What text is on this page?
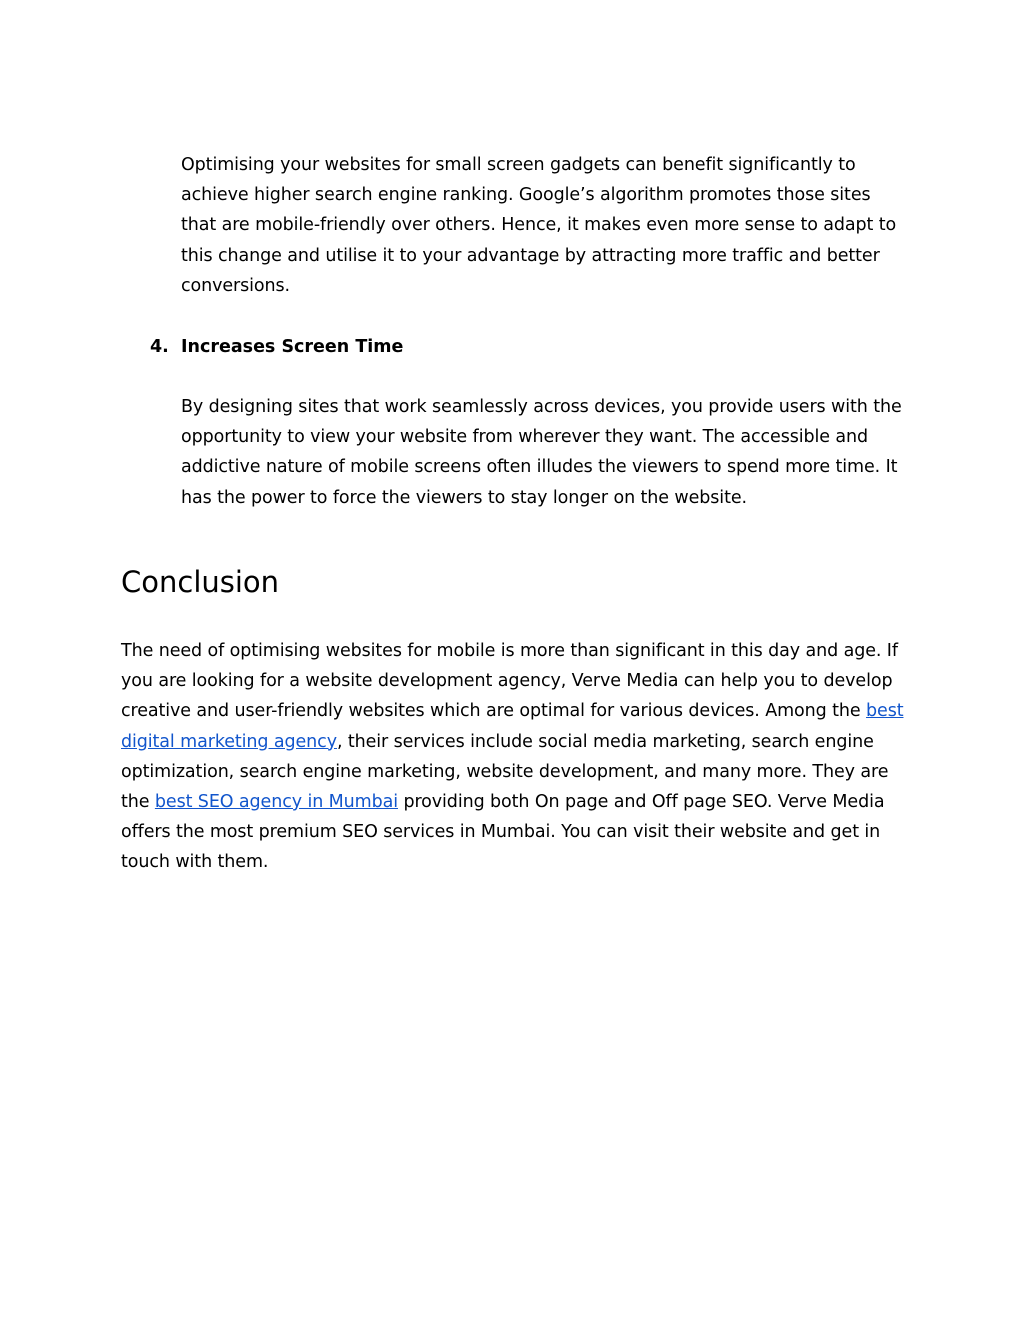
Optimising your websites for small screen gadgets can benefit significantly to achieve higher search engine ranking. Google’s algorithm promotes those sites that are mobile-friendly over others. Hence, it makes even more sense to adapt to this change and utilise it to your advantage by attracting more traffic and better conversions.

4. Increases Screen Time

By designing sites that work seamlessly across devices, you provide users with the opportunity to view your website from wherever they want. The accessible and addictive nature of mobile screens often illudes the viewers to spend more time. It has the power to force the viewers to stay longer on the website.

Conclusion

The need of optimising websites for mobile is more than significant in this day and age. If you are looking for a website development agency, Verve Media can help you to develop creative and user-friendly websites which are optimal for various devices. Among the best digital marketing agency, their services include social media marketing, search engine optimization, search engine marketing, website development, and many more. They are the best SEO agency in Mumbai providing both On page and Off page SEO. Verve Media offers the most premium SEO services in Mumbai. You can visit their website and get in touch with them.
